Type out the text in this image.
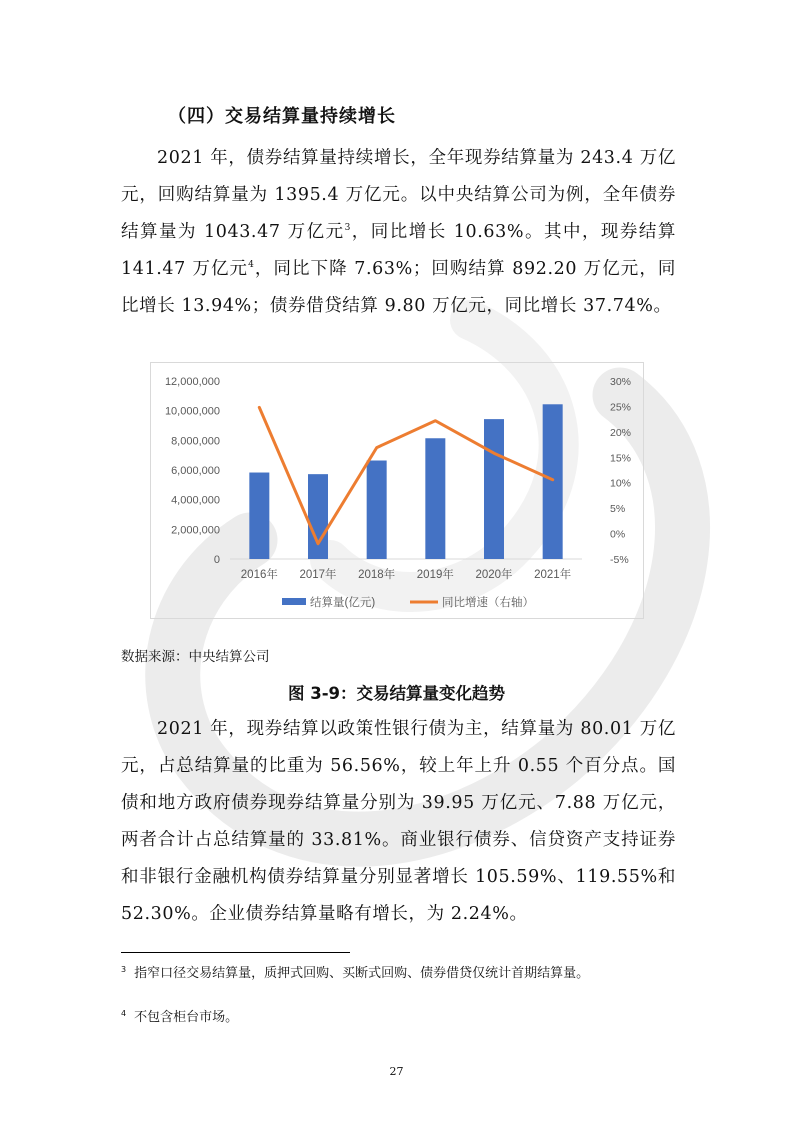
（四）交易结算量持续增长
2021 年，债券结算量持续增长，全年现券结算量为 243.4 万亿元，回购结算量为 1395.4 万亿元。以中央结算公司为例，全年债券结算量为 1043.47 万亿元$^3$，同比增长 10.63%。其中，现券结算 141.47 万亿元$^4$，同比下降 7.63%；回购结算 892.20 万亿元，同比增长 13.94%；债券借贷结算 9.80 万亿元，同比增长 37.74%。
0
2,000,000
4,000,000
6,000,000
8,000,000
10,000,000
12,000,000
-5%
0%
5%
10%
15%
20%
25%
30%
2016年 2017年 2018年 2019年 2020年 2021年
结算量(亿元)	同比增速（右轴）
数据来源：中央结算公司
图 3-9：交易结算量变化趋势
2021 年，现券结算以政策性银行债为主，结算量为 80.01 万亿元，占总结算量的比重为 56.56%，较上年上升 0.55 个百分点。国债和地方政府债券现券结算量分别为 39.95 万亿元、7.88 万亿元，两者合计占总结算量的 33.81%。商业银行债券、信贷资产支持证券和非银行金融机构债券结算量分别显著增长 105.59%、119.55%和 52.30%。企业债券结算量略有增长，为 2.24%。
$^3$ 指窄口径交易结算量，质押式回购、买断式回购、债券借贷仅统计首期结算量。
$^4$ 不包含柜台市场。
27
